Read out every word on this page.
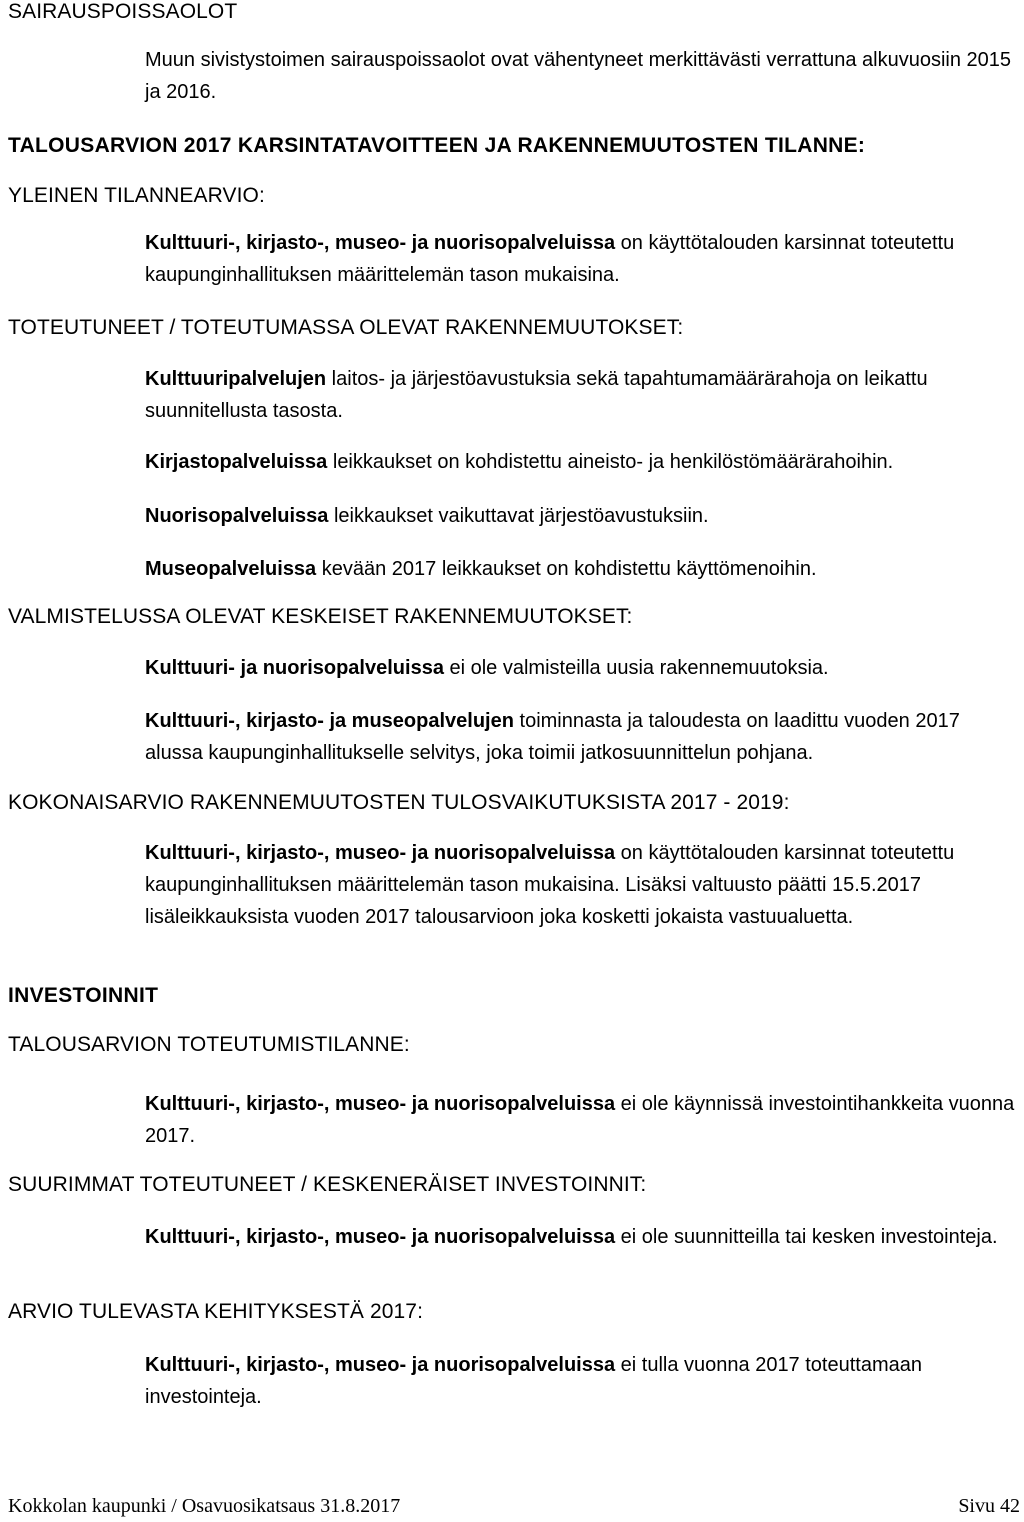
SAIRAUSPOISSAOLOT
Muun sivistystoimen sairauspoissaolot ovat vähentyneet merkittävästi verrattuna alkuvuosiin 2015 ja 2016.
TALOUSARVION 2017 KARSINTATAVOITTEEN JA RAKENNEMUUTOSTEN TILANNE:
YLEINEN TILANNEARVIO:
Kulttuuri-, kirjasto-, museo- ja nuorisopalveluissa on käyttötalouden karsinnat toteutettu kaupunginhallituksen määrittelemän tason mukaisina.
TOTEUTUNEET / TOTEUTUMASSA OLEVAT RAKENNEMUUTOKSET:
Kulttuuripalvelujen laitos- ja järjestöavustuksia sekä tapahtumamäärärahoja on leikattu suunnitellusta tasosta.
Kirjastopalveluissa leikkaukset on kohdistettu aineisto- ja henkilöstömäärärahoihin.
Nuorisopalveluissa leikkaukset vaikuttavat järjestöavustuksiin.
Museopalveluissa kevään 2017 leikkaukset on kohdistettu käyttömenoihin.
VALMISTELUSSA OLEVAT KESKEISET RAKENNEMUUTOKSET:
Kulttuuri- ja nuorisopalveluissa ei ole valmisteilla uusia rakennemuutoksia.
Kulttuuri-, kirjasto- ja museopalvelujen toiminnasta ja taloudesta on laadittu vuoden 2017 alussa kaupunginhallitukselle selvitys, joka toimii jatkosuunnittelun pohjana.
KOKONAISARVIO RAKENNEMUUTOSTEN TULOSVAIKUTUKSISTA 2017 - 2019:
Kulttuuri-, kirjasto-, museo- ja nuorisopalveluissa on käyttötalouden karsinnat toteutettu kaupunginhallituksen määrittelemän tason mukaisina. Lisäksi valtuusto päätti 15.5.2017 lisäleikkauksista vuoden 2017 talousarvioon joka kosketti jokaista vastuualuetta.
INVESTOINNIT
TALOUSARVION TOTEUTUMISTILANNE:
Kulttuuri-, kirjasto-, museo- ja nuorisopalveluissa ei ole käynnissä investointihankkeita vuonna 2017.
SUURIMMAT TOTEUTUNEET / KESKENERÄISET INVESTOINNIT:
Kulttuuri-, kirjasto-, museo- ja nuorisopalveluissa ei ole suunnitteilla tai kesken investointeja.
ARVIO TULEVASTA KEHITYKSESTÄ 2017:
Kulttuuri-, kirjasto-, museo- ja nuorisopalveluissa ei tulla vuonna 2017 toteuttamaan investointeja.
Kokkolan kaupunki / Osavuosikatsaus 31.8.2017	Sivu 42
